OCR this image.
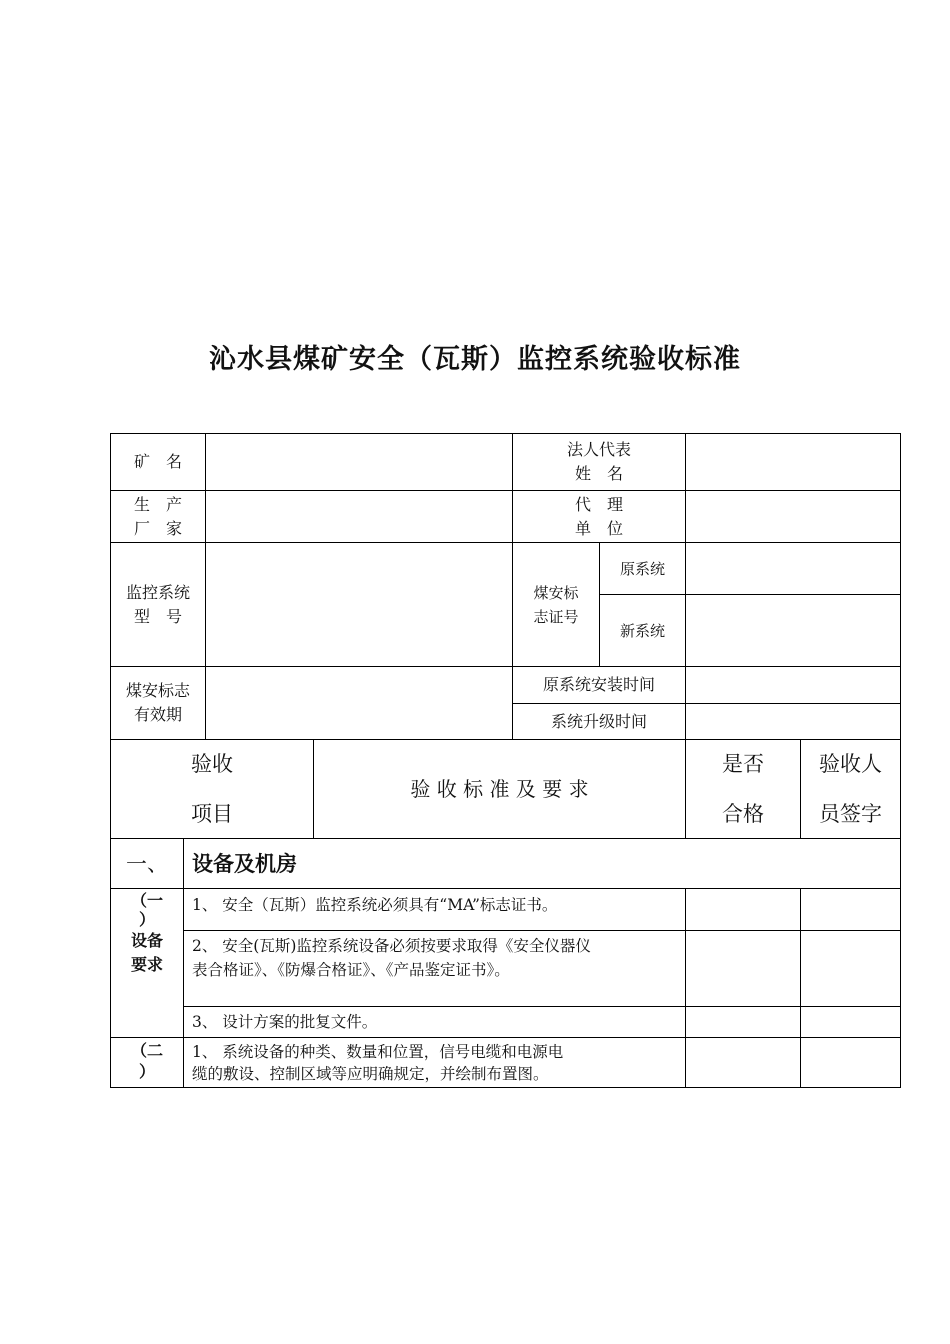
沁水县煤矿安全（瓦斯）监控系统验收标准
矿　名
法人代表
姓　名
生　产
厂　家
代　理
单　位
监控系统
型　号
煤安标
志证号
原系统
新系统
煤安标志
有效期
原系统安装时间
系统升级时间
验收
项目
验 收 标 准 及 要 求
是否
合格
验收人
员签字
一、 设备及机房
（一
）
设备
要求
1、 安全（瓦斯）监控系统必须具有“MA”标志证书。
2、 安全(瓦斯)监控系统设备必须按要求取得《安全仪器仪
表合格证》、《防爆合格证》、《产品鉴定证书》。
3、 设计方案的批复文件。
（二
）
1、 系统设备的种类、数量和位置，信号电缆和电源电
缆的敷设、控制区域等应明确规定，并绘制布置图。
